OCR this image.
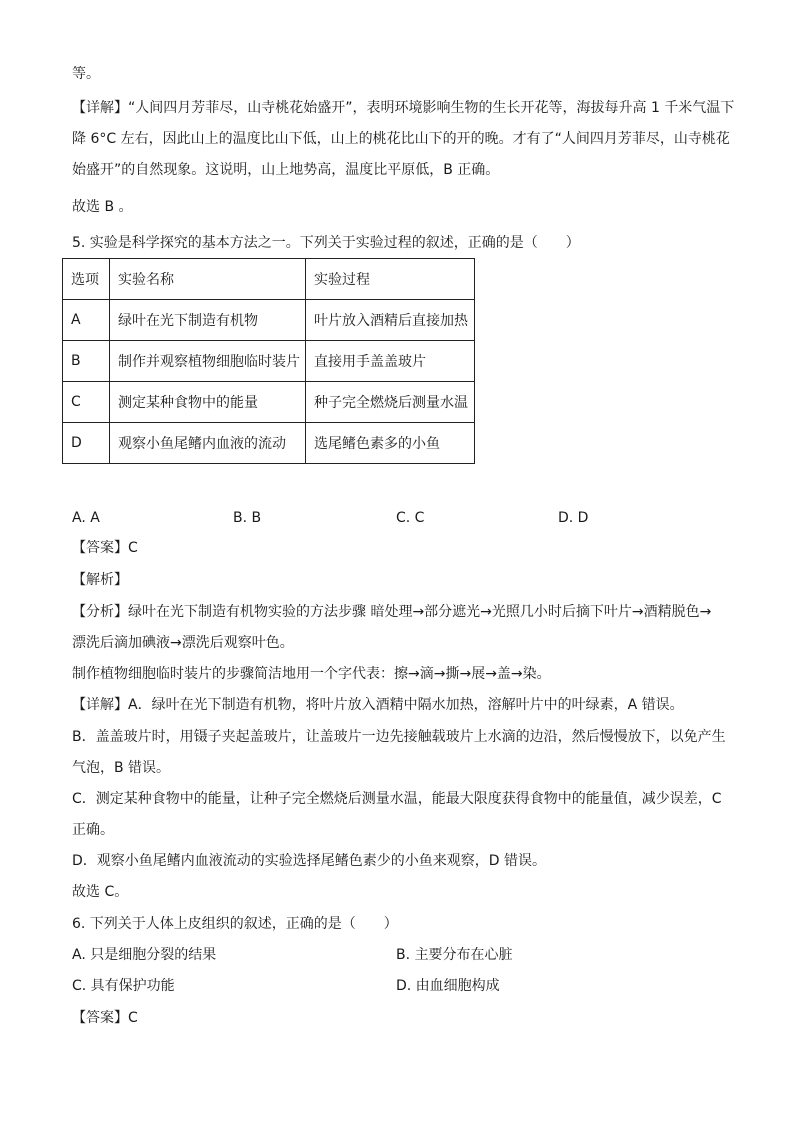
等。
【详解】“人间四月芳菲尽，山寺桃花始盛开”，表明环境影响生物的生长开花等，海拔每升高 1 千米气温下
降 6°C 左右，因此山上的温度比山下低，山上的桃花比山下的开的晚。才有了“人间四月芳菲尽，山寺桃花
始盛开”的自然现象。这说明，山上地势高，温度比平原低，B 正确。
故选 B 。
5. 实验是科学探究的基本方法之一。下列关于实验过程的叙述，正确的是（　　）
选项	实验名称	实验过程
A	绿叶在光下制造有机物	叶片放入酒精后直接加热
B	制作并观察植物细胞临时装片	直接用手盖盖玻片
C	测定某种食物中的能量	种子完全燃烧后测量水温
D	观察小鱼尾鳍内血液的流动	选尾鳍色素多的小鱼
A. A	B. B	C. C	D. D
【答案】C
【解析】
【分析】绿叶在光下制造有机物实验的方法步骤 暗处理→部分遮光→光照几小时后摘下叶片→酒精脱色→
漂洗后滴加碘液→漂洗后观察叶色。
制作植物细胞临时装片的步骤简洁地用一个字代表：擦→滴→撕→展→盖→染。
【详解】A．绿叶在光下制造有机物，将叶片放入酒精中隔水加热，溶解叶片中的叶绿素，A 错误。
B．盖盖玻片时，用镊子夹起盖玻片，让盖玻片一边先接触载玻片上水滴的边沿，然后慢慢放下，以免产生
气泡，B 错误。
C．测定某种食物中的能量，让种子完全燃烧后测量水温，能最大限度获得食物中的能量值，减少误差，C
正确。
D．观察小鱼尾鳍内血液流动的实验选择尾鳍色素少的小鱼来观察，D 错误。
故选 C。
6. 下列关于人体上皮组织的叙述，正确的是（　　）
A. 只是细胞分裂的结果	B. 主要分布在心脏
C. 具有保护功能	D. 由血细胞构成
【答案】C
